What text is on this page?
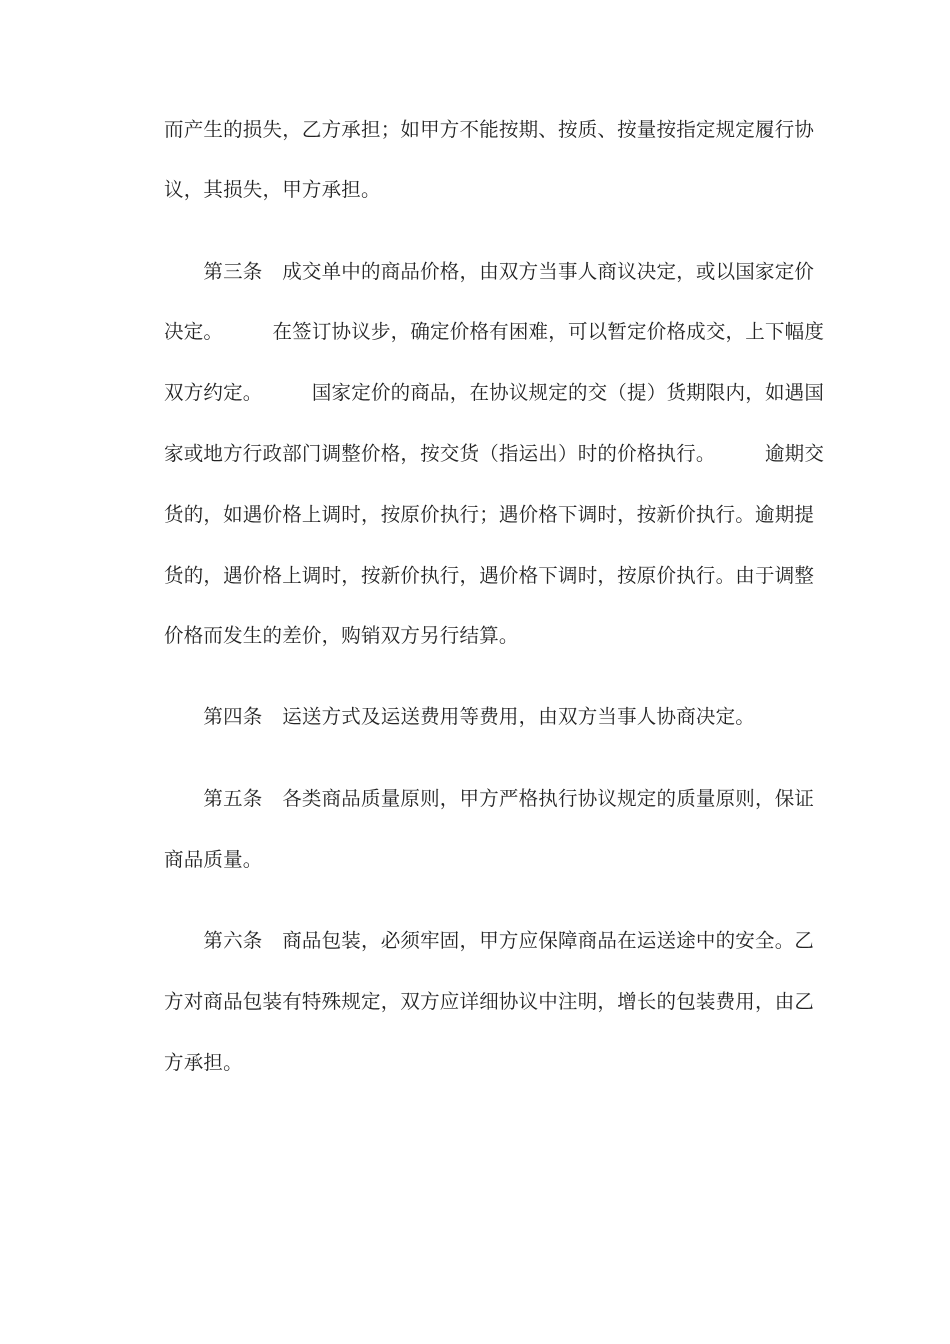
而产生的损失，乙方承担；如甲方不能按期、按质、按量按指定规定履行协
议，其损失，甲方承担。
　　第三条　成交单中的商品价格，由双方当事人商议决定，或以国家定价
决定。　　　在签订协议步，确定价格有困难，可以暂定价格成交，上下幅度
双方约定。　　　国家定价的商品，在协议规定的交（提）货期限内，如遇国
家或地方行政部门调整价格，按交货（指运出）时的价格执行。　　　逾期交
货的，如遇价格上调时，按原价执行；遇价格下调时，按新价执行。逾期提
货的，遇价格上调时，按新价执行，遇价格下调时，按原价执行。由于调整
价格而发生的差价，购销双方另行结算。
　　第四条　运送方式及运送费用等费用，由双方当事人协商决定。
　　第五条　各类商品质量原则，甲方严格执行协议规定的质量原则，保证
商品质量。
　　第六条　商品包装，必须牢固，甲方应保障商品在运送途中的安全。乙
方对商品包装有特殊规定，双方应详细协议中注明，增长的包装费用，由乙
方承担。
